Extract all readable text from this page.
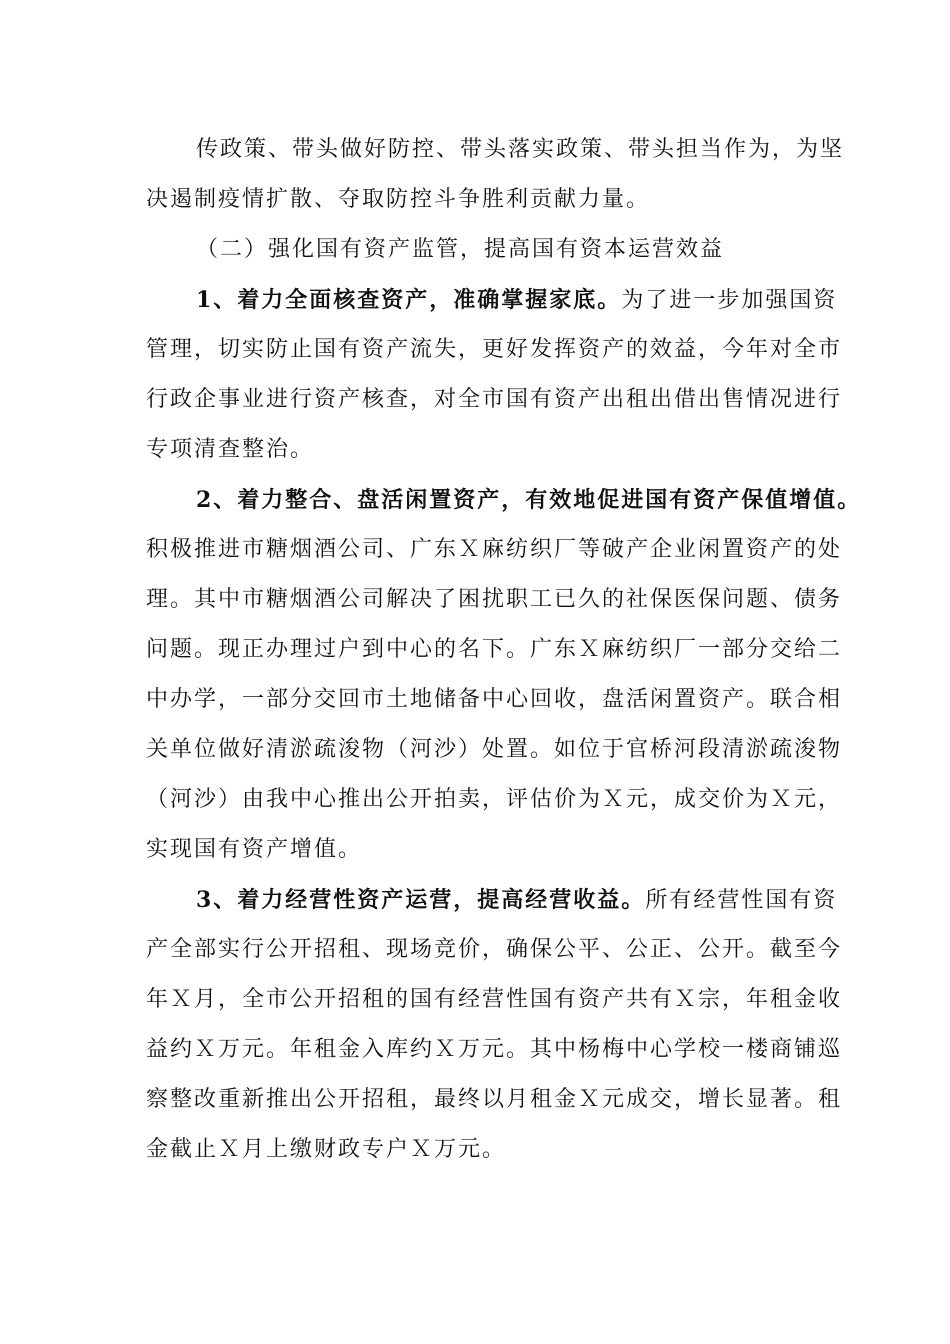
传政策、带头做好防控、带头落实政策、带头担当作为，为坚
决遏制疫情扩散、夺取防控斗争胜利贡献力量。
（二）强化国有资产监管，提高国有资本运营效益
1、着力全面核查资产，准确掌握家底。为了进一步加强国资
管理，切实防止国有资产流失，更好发挥资产的效益，今年对全市
行政企事业进行资产核查，对全市国有资产出租出借出售情况进行
专项清查整治。
2、着力整合、盘活闲置资产，有效地促进国有资产保值增值。
积极推进市糖烟酒公司、广东Ｘ麻纺织厂等破产企业闲置资产的处
理。其中市糖烟酒公司解决了困扰职工已久的社保医保问题、债务
问题。现正办理过户到中心的名下。广东Ｘ麻纺织厂一部分交给二
中办学，一部分交回市土地储备中心回收，盘活闲置资产。联合相
关单位做好清淤疏浚物（河沙）处置。如位于官桥河段清淤疏浚物
（河沙）由我中心推出公开拍卖，评估价为Ｘ元，成交价为Ｘ元，
实现国有资产增值。
3、着力经营性资产运营，提高经营收益。所有经营性国有资
产全部实行公开招租、现场竞价，确保公平、公正、公开。截至今
年Ｘ月，全市公开招租的国有经营性国有资产共有Ｘ宗，年租金收
益约Ｘ万元。年租金入库约Ｘ万元。其中杨梅中心学校一楼商铺巡
察整改重新推出公开招租，最终以月租金Ｘ元成交，增长显著。租
金截止Ｘ月上缴财政专户Ｘ万元。
